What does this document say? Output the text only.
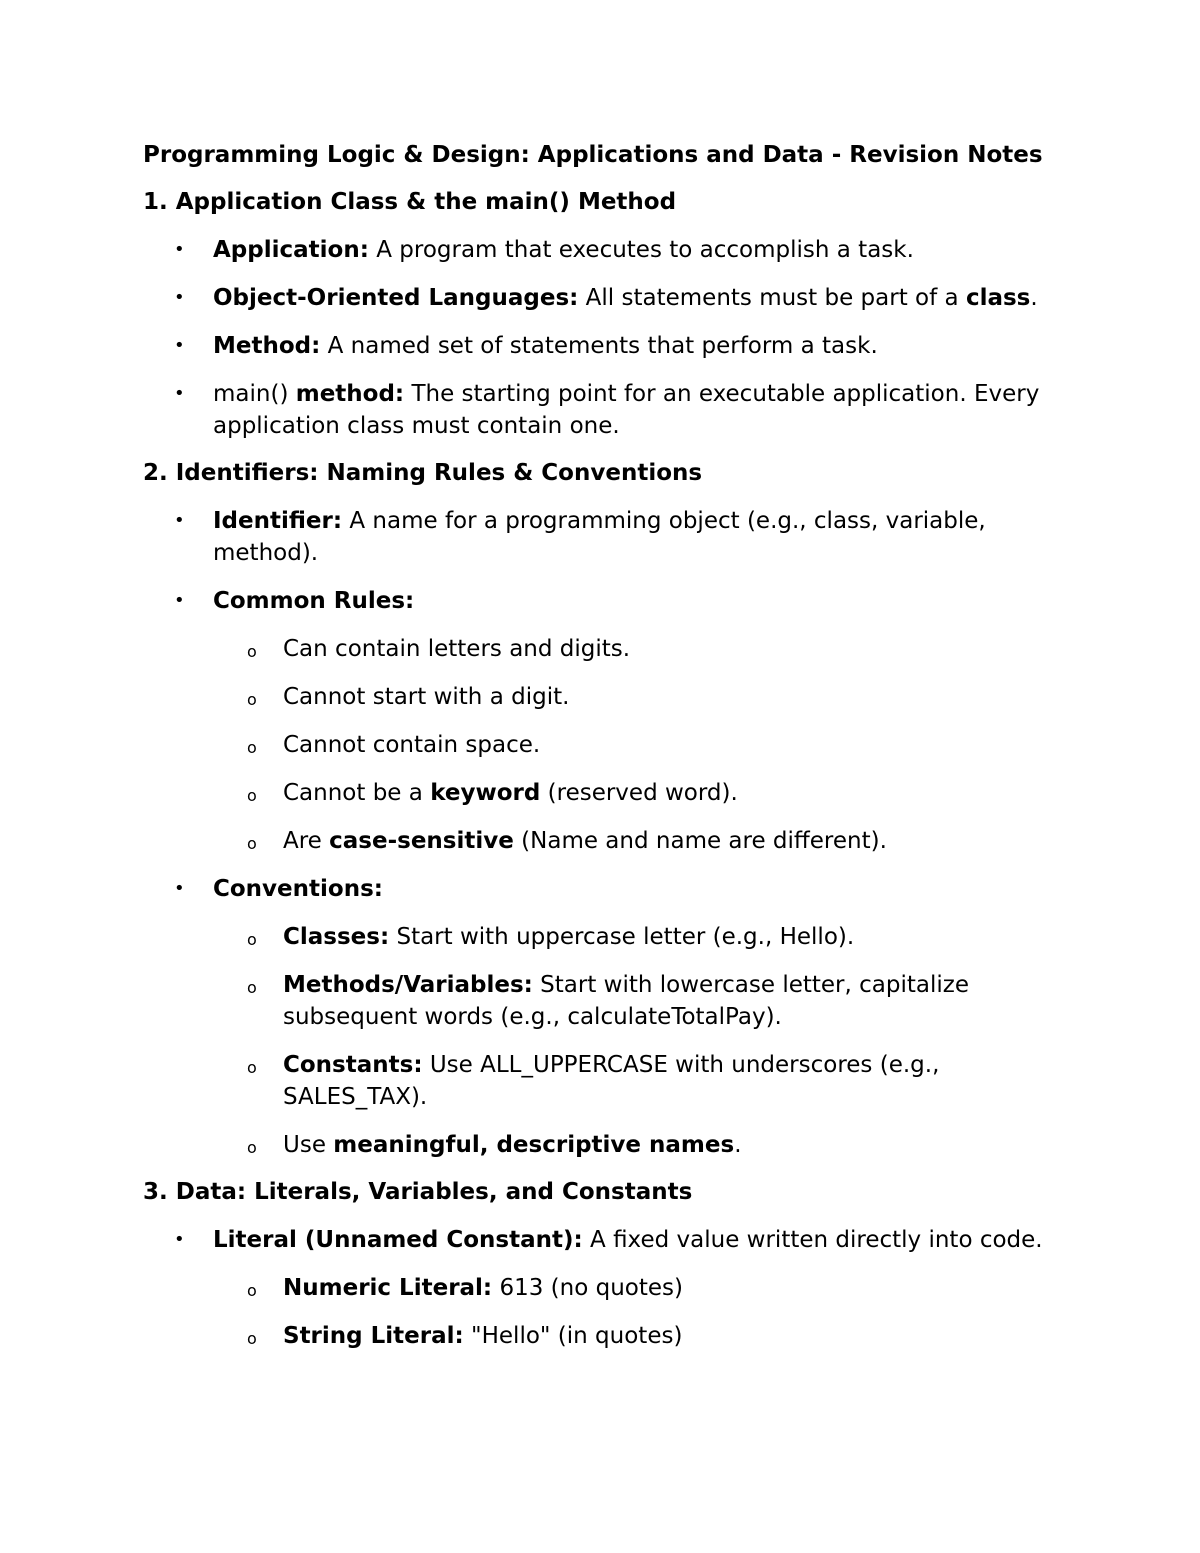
Programming Logic & Design: Applications and Data - Revision Notes

1. Application Class & the main() Method

• Application: A program that executes to accomplish a task.
• Object-Oriented Languages: All statements must be part of a class.
• Method: A named set of statements that perform a task.
• main() method: The starting point for an executable application. Every application class must contain one.

2. Identifiers: Naming Rules & Conventions

• Identifier: A name for a programming object (e.g., class, variable, method).
• Common Rules:
o Can contain letters and digits.
o Cannot start with a digit.
o Cannot contain space.
o Cannot be a keyword (reserved word).
o Are case-sensitive (Name and name are different).
• Conventions:
o Classes: Start with uppercase letter (e.g., Hello).
o Methods/Variables: Start with lowercase letter, capitalize subsequent words (e.g., calculateTotalPay).
o Constants: Use ALL_UPPERCASE with underscores (e.g., SALES_TAX).
o Use meaningful, descriptive names.

3. Data: Literals, Variables, and Constants

• Literal (Unnamed Constant): A fixed value written directly into code.
o Numeric Literal: 613 (no quotes)
o String Literal: "Hello" (in quotes)
